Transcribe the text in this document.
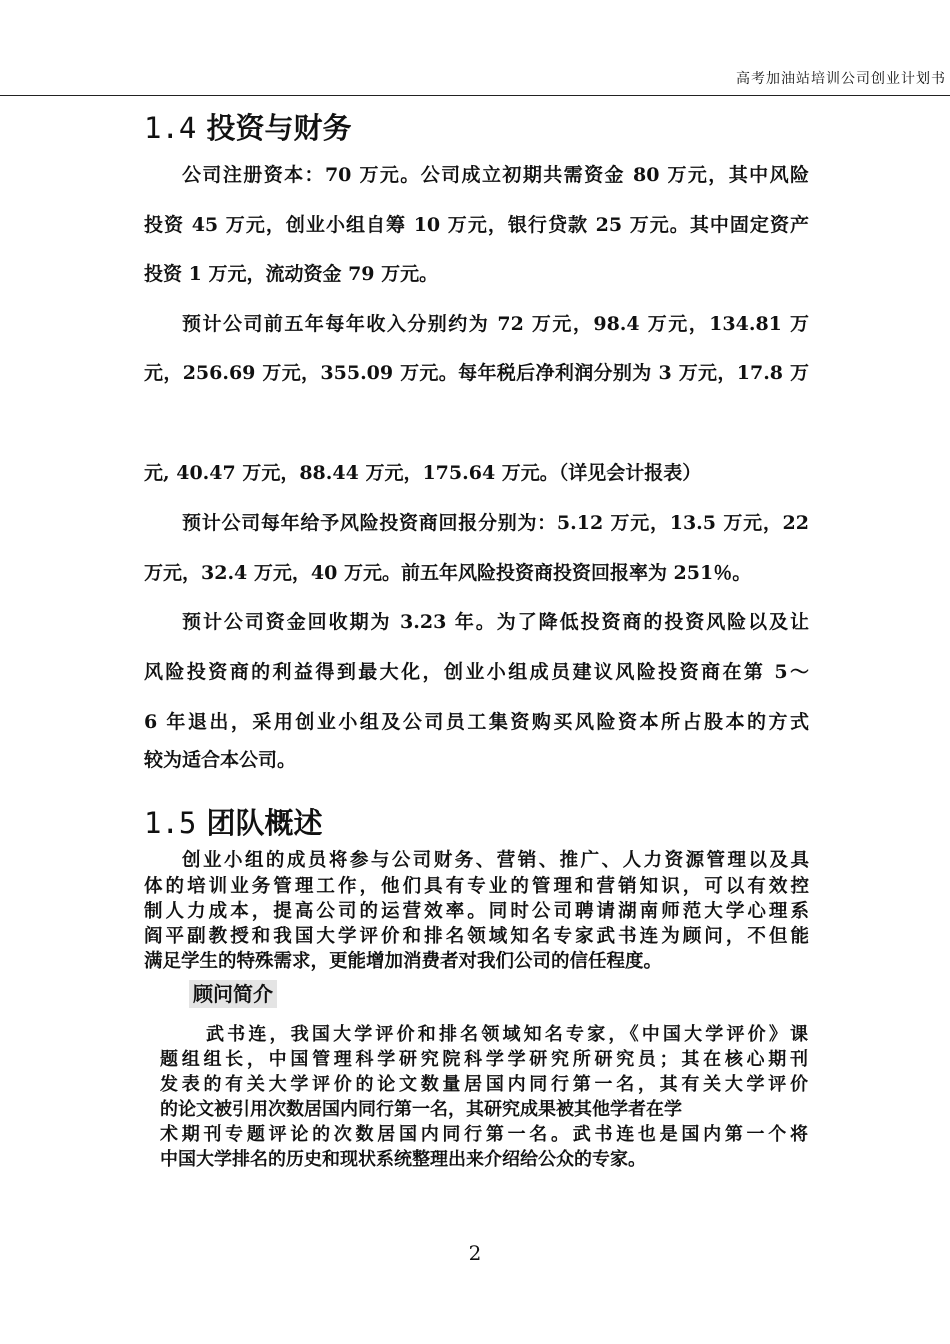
高考加油站培训公司创业计划书
1.4 投资与财务
公司注册资本：70 万元。公司成立初期共需资金 80 万元，其中风险
投资 45 万元，创业小组自筹 10 万元，银行贷款 25 万元。其中固定资产
投资 1 万元，流动资金 79 万元。
预计公司前五年每年收入分别约为 72 万元，98.4 万元，134.81 万
元，256.69 万元，355.09 万元。每年税后净利润分别为 3 万元，17.8 万
元, 40.47 万元，88.44 万元，175.64 万元。（详见会计报表）
预计公司每年给予风险投资商回报分别为：5.12 万元，13.5 万元，22
万元，32.4 万元，40 万元。前五年风险投资商投资回报率为 251％。
预计公司资金回收期为 3.23 年。为了降低投资商的投资风险以及让
风险投资商的利益得到最大化，创业小组成员建议风险投资商在第 5～
6 年退出，采用创业小组及公司员工集资购买风险资本所占股本的方式
较为适合本公司。
1.5 团队概述
创业小组的成员将参与公司财务、营销、推广、人力资源管理以及具
体的培训业务管理工作，他们具有专业的管理和营销知识，可以有效控
制人力成本，提高公司的运营效率。同时公司聘请湖南师范大学心理系
阎平副教授和我国大学评价和排名领域知名专家武书连为顾问，不但能
满足学生的特殊需求，更能增加消费者对我们公司的信任程度。
顾问简介
武书连，我国大学评价和排名领域知名专家，《中国大学评价》课
题组组长，中国管理科学研究院科学学研究所研究员；其在核心期刊
发表的有关大学评价的论文数量居国内同行第一名，其有关大学评价
的论文被引用次数居国内同行第一名，其研究成果被其他学者在学
术期刊专题评论的次数居国内同行第一名。武书连也是国内第一个将
中国大学排名的历史和现状系统整理出来介绍给公众的专家。
2
